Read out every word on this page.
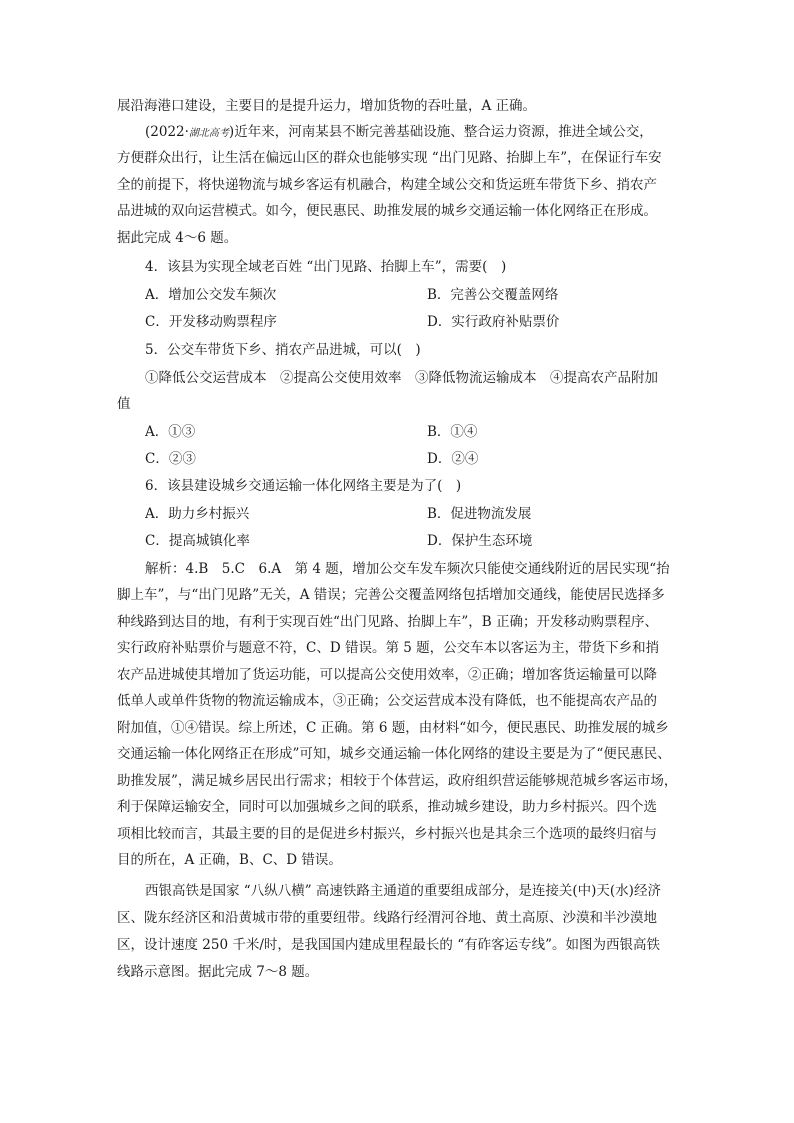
展沿海港口建设，主要目的是提升运力，增加货物的吞吐量，A 正确。
(2022·湖北高考)近年来，河南某县不断完善基础设施、整合运力资源，推进全域公交，
方便群众出行，让生活在偏远山区的群众也能够实现 “出门见路、抬脚上车”，在保证行车安
全的前提下，将快递物流与城乡客运有机融合，构建全域公交和货运班车带货下乡、捎农产
品进城的双向运营模式。如今，便民惠民、助推发展的城乡交通运输一体化网络正在形成。
据此完成 4～6 题。
4．该县为实现全域老百姓 “出门见路、抬脚上车”，需要(　)
A．增加公交发车频次	B．完善公交覆盖网络
C．开发移动购票程序	D．实行政府补贴票价
5．公交车带货下乡、捎农产品进城，可以(　)
①降低公交运营成本　②提高公交使用效率　③降低物流运输成本　④提高农产品附加
值
A．①③	B．①④
C．②③	D．②④
6．该县建设城乡交通运输一体化网络主要是为了(　)
A．助力乡村振兴	B．促进物流发展
C．提高城镇化率	D．保护生态环境
解析：4.B　5.C　6.A　第 4 题，增加公交车发车频次只能使交通线附近的居民实现“抬
脚上车”，与“出门见路”无关，A 错误；完善公交覆盖网络包括增加交通线，能使居民选择多
种线路到达目的地，有利于实现百姓“出门见路、抬脚上车”，B 正确；开发移动购票程序、
实行政府补贴票价与题意不符，C、D 错误。第 5 题，公交车本以客运为主，带货下乡和捎
农产品进城使其增加了货运功能，可以提高公交使用效率，②正确；增加客货运输量可以降
低单人或单件货物的物流运输成本，③正确；公交运营成本没有降低，也不能提高农产品的
附加值，①④错误。综上所述，C 正确。第 6 题，由材料“如今，便民惠民、助推发展的城乡
交通运输一体化网络正在形成”可知，城乡交通运输一体化网络的建设主要是为了“便民惠民、
助推发展”，满足城乡居民出行需求；相较于个体营运，政府组织营运能够规范城乡客运市场，
利于保障运输安全，同时可以加强城乡之间的联系，推动城乡建设，助力乡村振兴。四个选
项相比较而言，其最主要的目的是促进乡村振兴，乡村振兴也是其余三个选项的最终归宿与
目的所在，A 正确，B、C、D 错误。
西银高铁是国家 “八纵八横” 高速铁路主通道的重要组成部分，是连接关(中)天(水)经济
区、陇东经济区和沿黄城市带的重要纽带。线路行经渭河谷地、黄土高原、沙漠和半沙漠地
区，设计速度 250 千米/时，是我国国内建成里程最长的 “有砟客运专线”。如图为西银高铁
线路示意图。据此完成 7～8 题。
